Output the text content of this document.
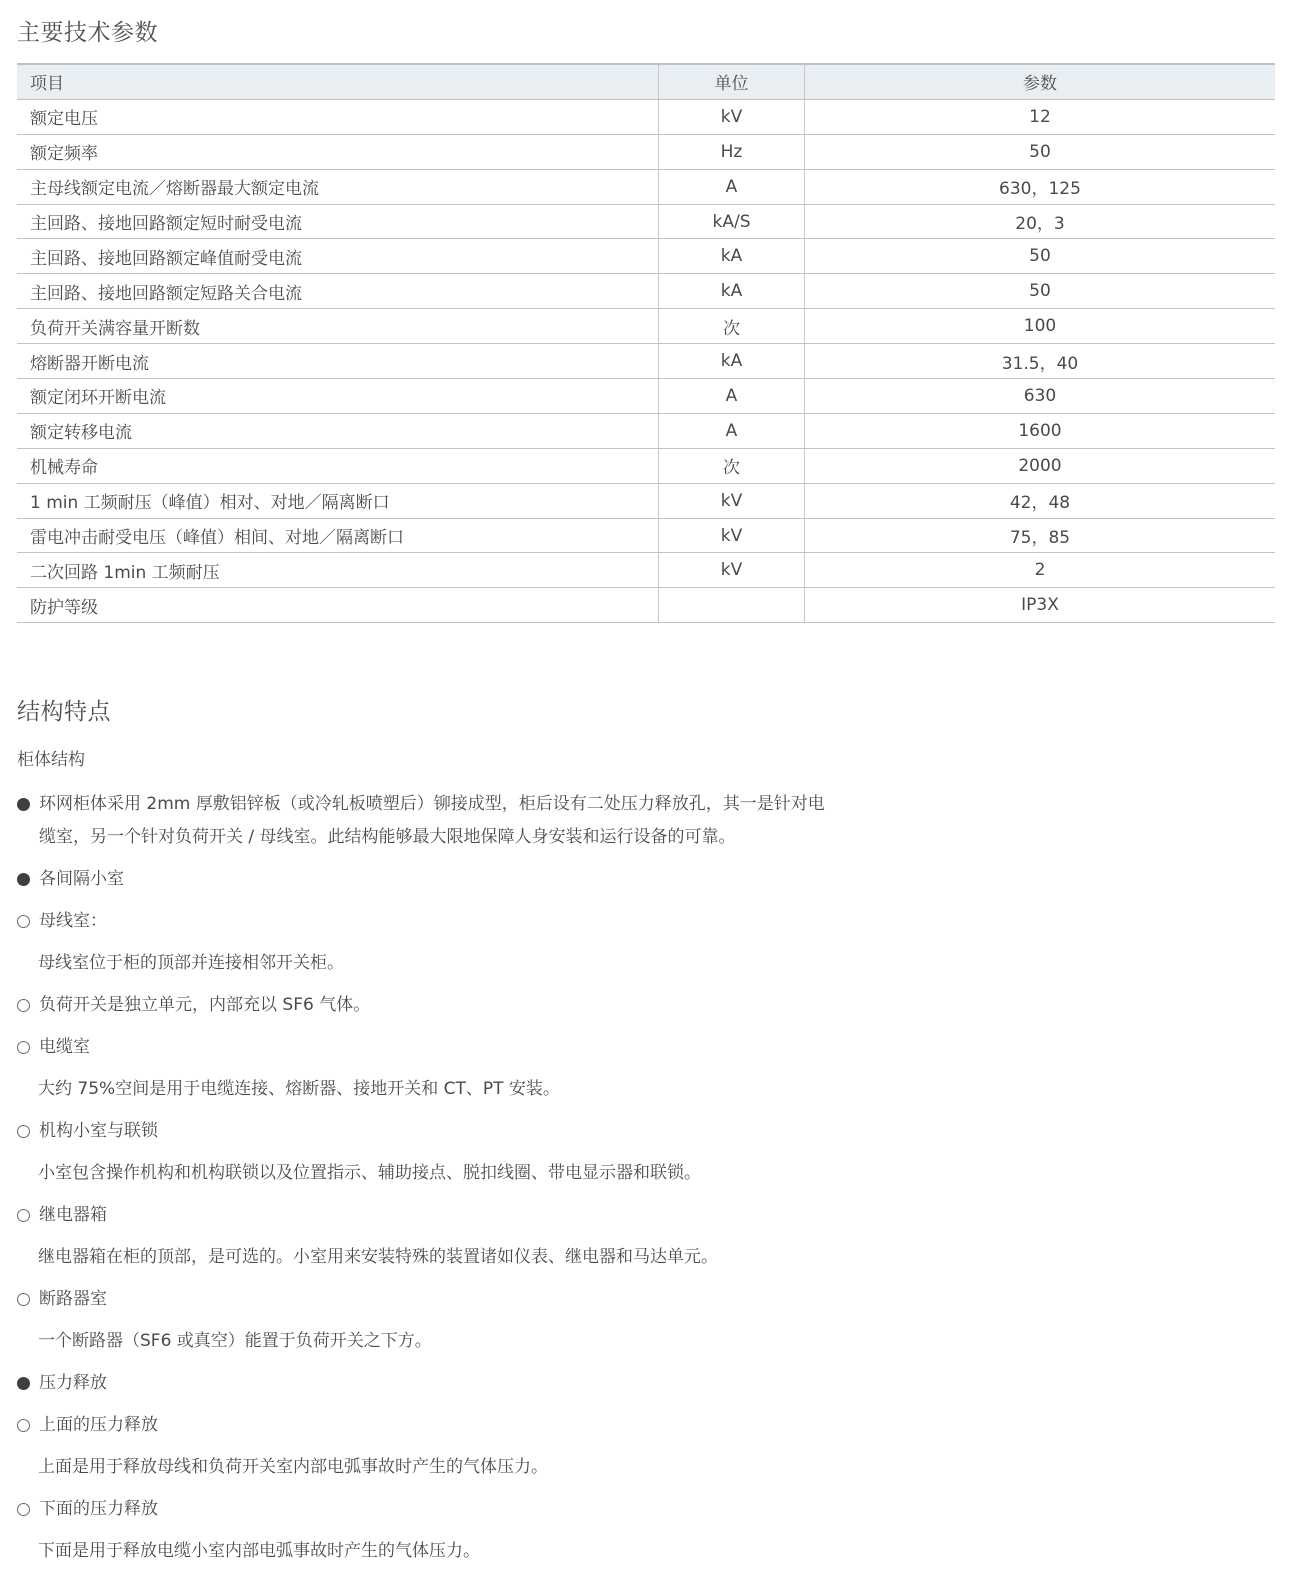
主要技术参数
项目	单位	参数
额定电压	kV	12
额定频率	Hz	50
主母线额定电流／熔断器最大额定电流	A	630，125
主回路、接地回路额定短时耐受电流	kA/S	20，3
主回路、接地回路额定峰值耐受电流	kA	50
主回路、接地回路额定短路关合电流	kA	50
负荷开关满容量开断数	次	100
熔断器开断电流	kA	31.5，40
额定闭环开断电流	A	630
额定转移电流	A	1600
机械寿命	次	2000
1 min 工频耐压（峰值）相对、对地／隔离断口	kV	42，48
雷电冲击耐受电压（峰值）相间、对地／隔离断口	kV	75，85
二次回路 1min 工频耐压	kV	2
防护等级		IP3X
结构特点
柜体结构
环网柜体采用 2mm 厚敷铝锌板（或冷轧板喷塑后）铆接成型，柜后设有二处压力释放孔，其一是针对电
缆室，另一个针对负荷开关 / 母线室。此结构能够最大限地保障人身安装和运行设备的可靠。
各间隔小室
母线室：
母线室位于柜的顶部并连接相邻开关柜。
负荷开关是独立单元，内部充以 SF6 气体。
电缆室
大约 75%空间是用于电缆连接、熔断器、接地开关和 CT、PT 安装。
机构小室与联锁
小室包含操作机构和机构联锁以及位置指示、辅助接点、脱扣线圈、带电显示器和联锁。
继电器箱
继电器箱在柜的顶部，是可选的。小室用来安装特殊的装置诸如仪表、继电器和马达单元。
断路器室
一个断路器（SF6 或真空）能置于负荷开关之下方。
压力释放
上面的压力释放
上面是用于释放母线和负荷开关室内部电弧事故时产生的气体压力。
下面的压力释放
下面是用于释放电缆小室内部电弧事故时产生的气体压力。
